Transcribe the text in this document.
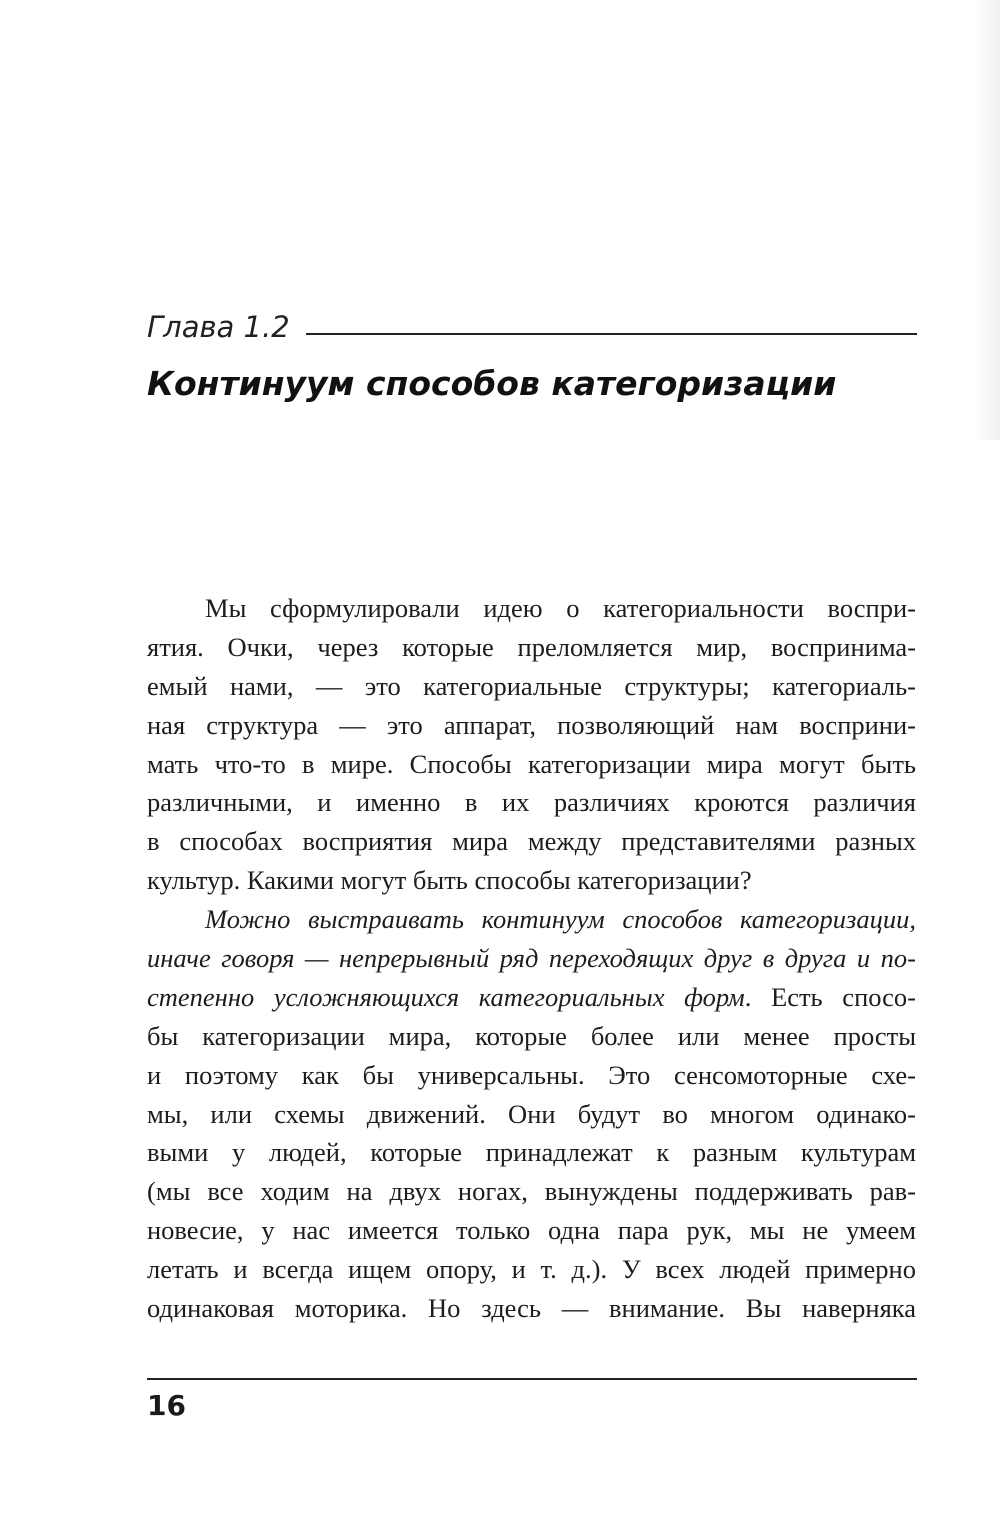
Глава 1.2
Континуум способов категоризации
Мы сформулировали идею о категориальности воспри-
ятия. Очки, через которые преломляется мир, воспринима-
емый нами, — это категориальные структуры; категориаль-
ная структура — это аппарат, позволяющий нам восприни-
мать что-то в мире. Способы категоризации мира могут быть
различными, и именно в их различиях кроются различия
в способах восприятия мира между представителями разных
культур. Какими могут быть способы категоризации?
Можно выстраивать континуум способов категоризации,
иначе говоря — непрерывный ряд переходящих друг в друга и по-
степенно усложняющихся категориальных форм. Есть спосо-
бы категоризации мира, которые более или менее просты
и поэтому как бы универсальны. Это сенсомоторные схе-
мы, или схемы движений. Они будут во многом одинако-
выми у людей, которые принадлежат к разным культурам
(мы все ходим на двух ногах, вынуждены поддерживать рав-
новесие, у нас имеется только одна пара рук, мы не умеем
летать и всегда ищем опору, и т. д.). У всех людей примерно
одинаковая моторика. Но здесь — внимание. Вы наверняка
16
